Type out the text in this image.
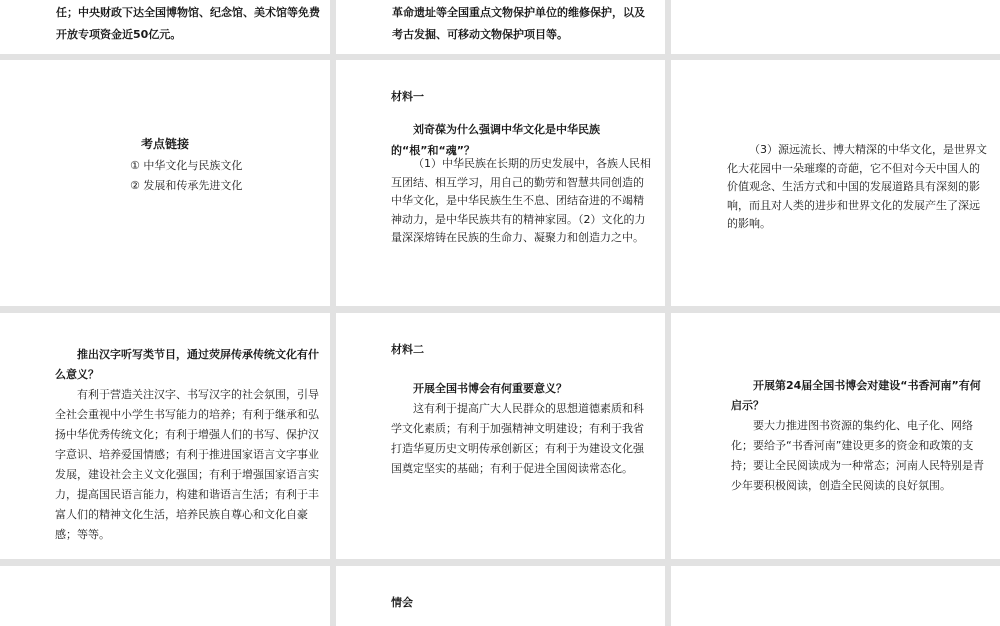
任；中央财政下达全国博物馆、纪念馆、美术馆等免费开放专项资金近50亿元。

革命遗址等全国重点文物保护单位的维修保护，以及考古发掘、可移动文物保护项目等。

考点链接
① 中华文化与民族文化
② 发展和传承先进文化
材料一

刘奇葆为什么强调中华文化是中华民族的“根”和“魂”？

（1）中华民族在长期的历史发展中，各族人民相互团结、相互学习，用自己的勤劳和智慧共同创造的中华文化，是中华民族生生不息、团结奋进的不竭精神动力，是中华民族共有的精神家园。（2）文化的力量深深熔铸在民族的生命力、凝聚力和创造力之中。

（3）源远流长、博大精深的中华文化，是世界文化大花园中一朵璀璨的奇葩，它不但对今天中国人的价值观念、生活方式和中国的发展道路具有深刻的影响，而且对人类的进步和世界文化的发展产生了深远的影响。

推出汉字听写类节目，通过荧屏传承传统文化有什么意义？

有利于营造关注汉字、书写汉字的社会氛围，引导全社会重视中小学生书写能力的培养；有利于继承和弘扬中华优秀传统文化；有利于增强人们的书写、保护汉字意识、培养爱国情感；有利于推进国家语言文字事业发展，建设社会主义文化强国；有利于增强国家语言实力，提高国民语言能力，构建和谐语言生活；有利于丰富人们的精神文化生活，培养民族自尊心和文化自豪感；等等。

材料二

开展全国书博会有何重要意义？

这有利于提高广大人民群众的思想道德素质和科学文化素质；有利于加强精神文明建设；有利于我省打造华夏历史文明传承创新区；有利于为建设文化强国奠定坚实的基础；有利于促进全国阅读常态化。

开展第24届全国书博会对建设“书香河南”有何启示？

要大力推进图书资源的集约化、电子化、网络化；要给予“书香河南”建设更多的资金和政策的支持；要让全民阅读成为一种常态；河南人民特别是青少年要积极阅读，创造全民阅读的良好氛围。

情会
